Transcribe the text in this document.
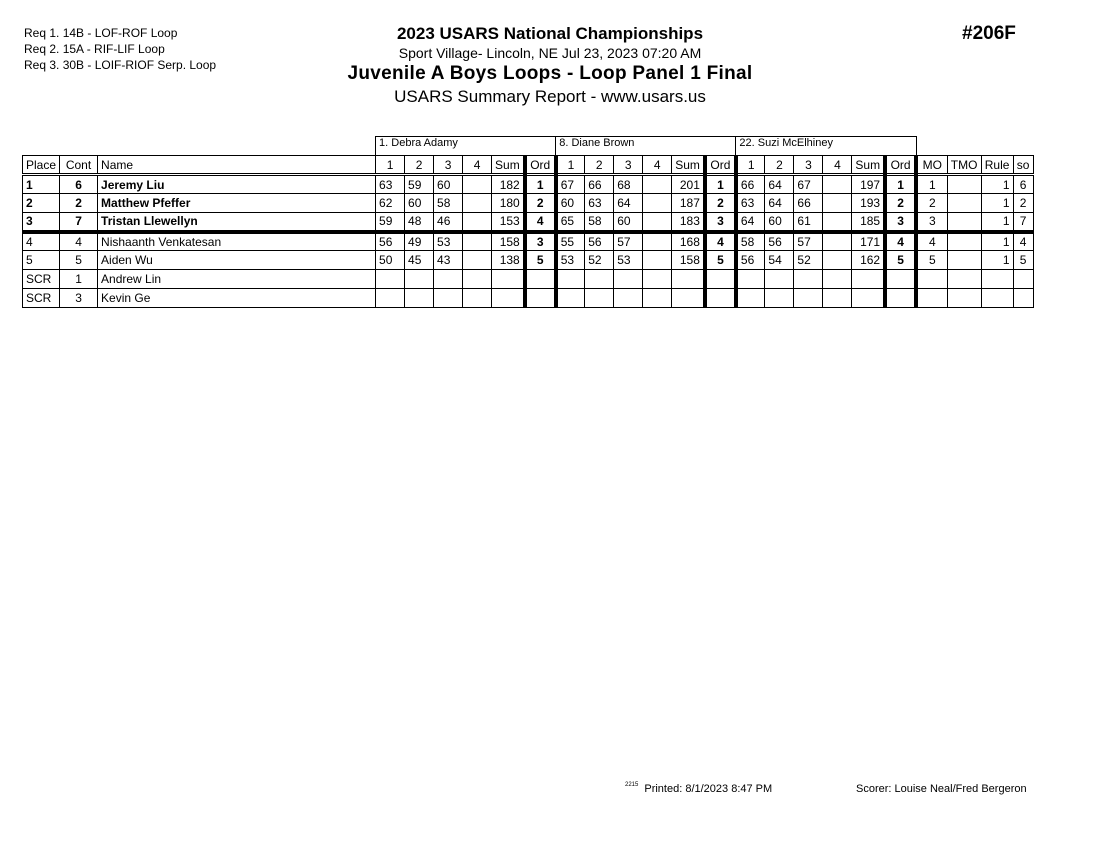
Req 1. 14B - LOF-ROF Loop
Req 2. 15A - RIF-LIF Loop
Req 3. 30B - LOIF-RIOF Serp. Loop
2023 USARS National Championships
Sport Village- Lincoln, NE Jul 23, 2023 07:20 AM
Juvenile A Boys Loops - Loop Panel 1 Final
USARS Summary Report - www.usars.us
#206F
			1. Debra Adamy						8. Diane Brown						22. Suzi McElhiney									
Place	Cont	Name	1	2	3	4	Sum	Ord	1	2	3	4	Sum	Ord	1	2	3	4	Sum	Ord	MO	TMO	Rule	so
1	6	Jeremy Liu	63	59	60		182	1	67	66	68		201	1	66	64	67		197	1	1		1	6
2	2	Matthew Pfeffer	62	60	58		180	2	60	63	64		187	2	63	64	66		193	2	2		1	2
3	7	Tristan Llewellyn	59	48	46		153	4	65	58	60		183	3	64	60	61		185	3	3		1	7
4	4	Nishaanth Venkatesan	56	49	53		158	3	55	56	57		168	4	58	56	57		171	4	4		1	4
5	5	Aiden Wu	50	45	43		138	5	53	52	53		158	5	56	54	52		162	5	5		1	5
SCR	1	Andrew Lin																						
SCR	3	Kevin Ge																						
$^{2215}$ Printed: 8/1/2023 8:47 PM	Scorer: Louise Neal/Fred Bergeron
